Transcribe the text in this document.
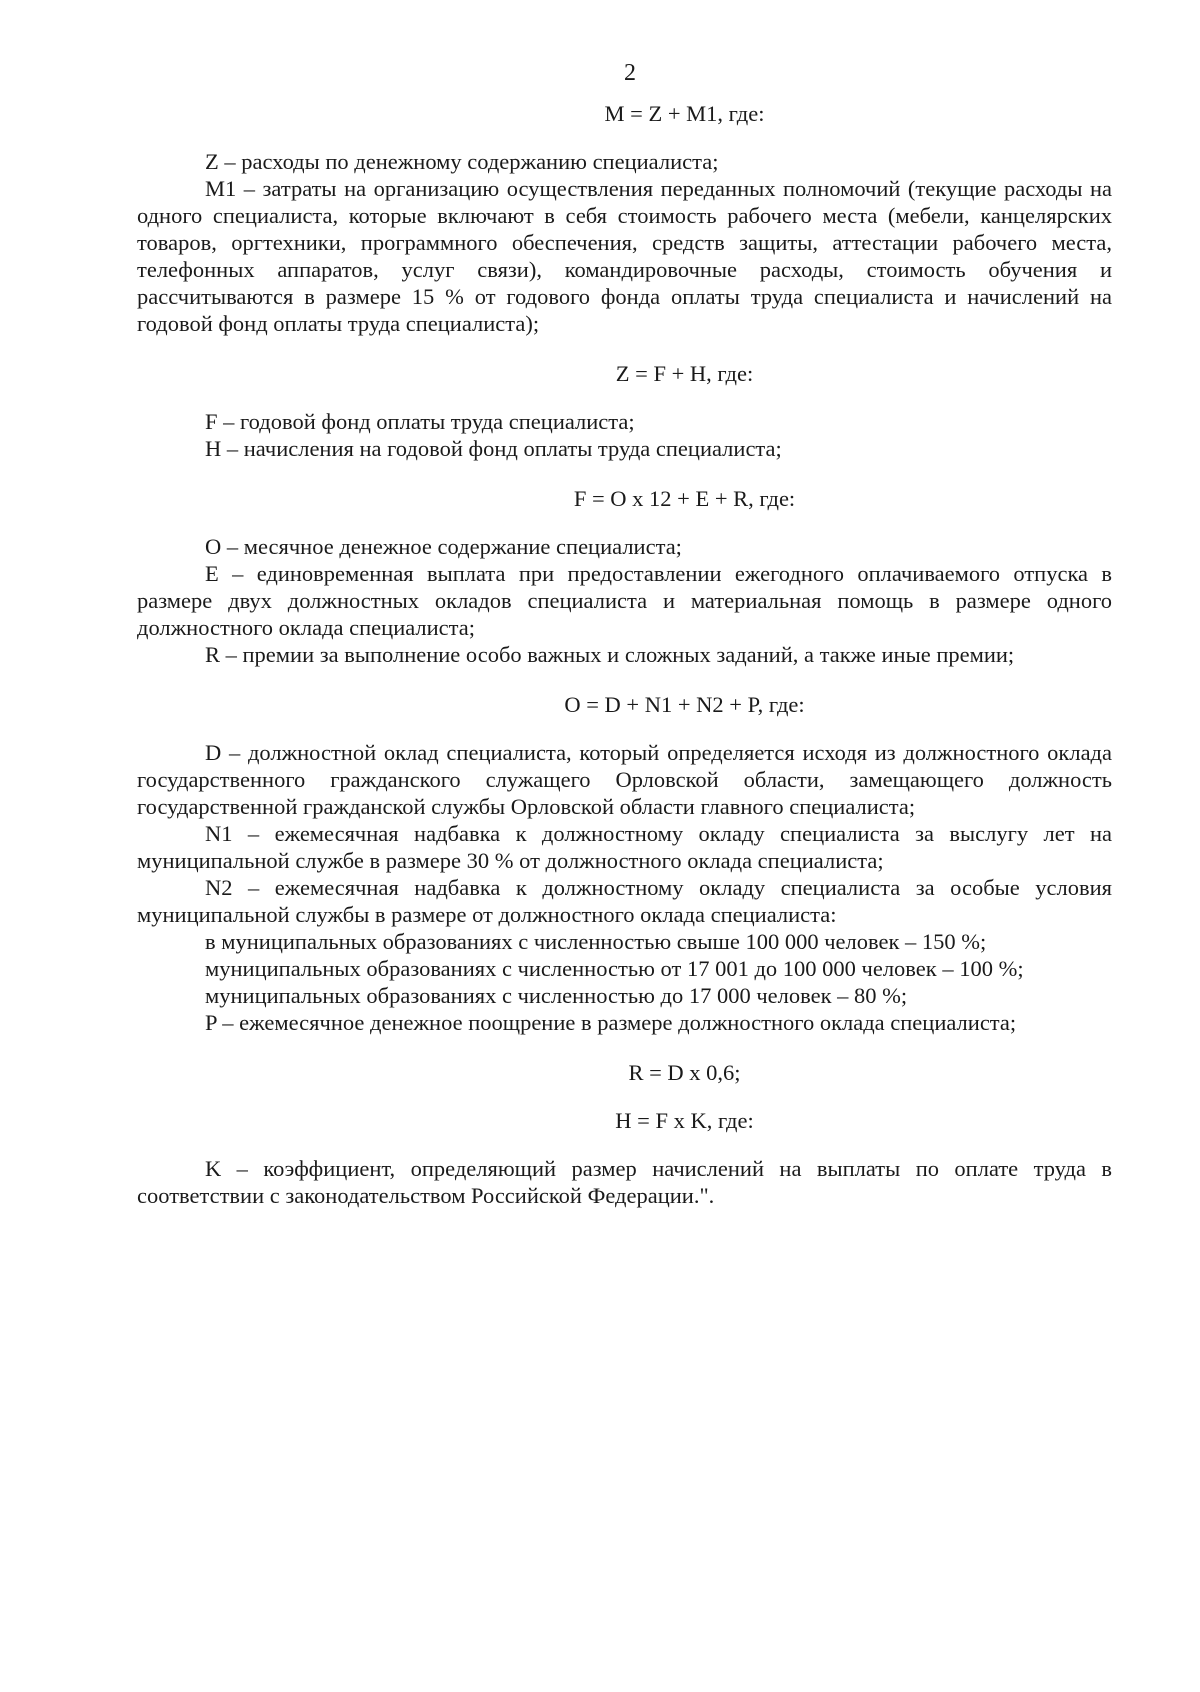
2

M = Z + M1, где:

Z – расходы по денежному содержанию специалиста;

M1 – затраты на организацию осуществления переданных полномочий (текущие расходы на одного специалиста, которые включают в себя стоимость рабочего места (мебели, канцелярских товаров, оргтехники, программного обеспечения, средств защиты, аттестации рабочего места, телефонных аппаратов, услуг связи), командировочные расходы, стоимость обучения и рассчитываются в размере 15 % от годового фонда оплаты труда специалиста и начислений на годовой фонд оплаты труда специалиста);

Z = F + H, где:

F – годовой фонд оплаты труда специалиста;

H – начисления на годовой фонд оплаты труда специалиста;

F = O x 12 + E + R, где:

O – месячное денежное содержание специалиста;

E – единовременная выплата при предоставлении ежегодного оплачиваемого отпуска в размере двух должностных окладов специалиста и материальная помощь в размере одного должностного оклада специалиста;

R – премии за выполнение особо важных и сложных заданий, а также иные премии;

O = D + N1 + N2 + P, где:

D – должностной оклад специалиста, который определяется исходя из должностного оклада государственного гражданского служащего Орловской области, замещающего должность государственной гражданской службы Орловской области главного специалиста;

N1 – ежемесячная надбавка к должностному окладу специалиста за выслугу лет на муниципальной службе в размере 30 % от должностного оклада специалиста;

N2 – ежемесячная надбавка к должностному окладу специалиста за особые условия муниципальной службы в размере от должностного оклада специалиста:

в муниципальных образованиях с численностью свыше 100 000 человек – 150 %;

муниципальных образованиях с численностью от 17 001 до 100 000 человек – 100 %;

муниципальных образованиях с численностью до 17 000 человек – 80 %;

P – ежемесячное денежное поощрение в размере должностного оклада специалиста;

R = D x 0,6;

H = F x K, где:

K – коэффициент, определяющий размер начислений на выплаты по оплате труда в соответствии с законодательством Российской Федерации.".
